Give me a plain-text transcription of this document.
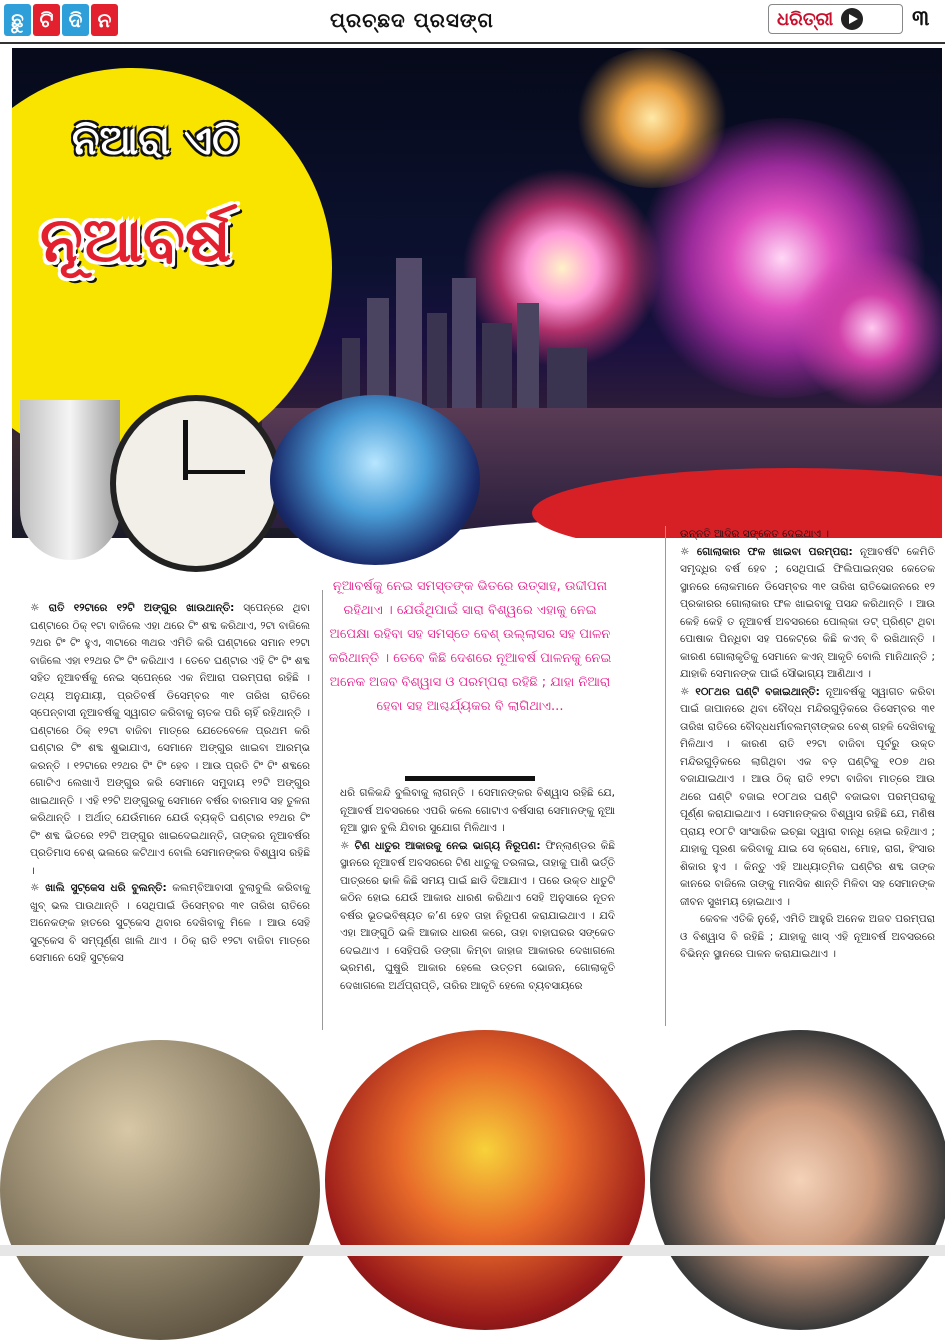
ଛୁ ଟି ଦି ନ	ପ୍ରଚ୍ଛଦ ପ୍ରସଙ୍ଗ	ଧରିତ୍ରୀ	୩
ନିଆରା ଏଠି
ନୂଆବର୍ଷ
ନୂଆବର୍ଷକୁ ନେଇ ସମସ୍ତଙ୍କ ଭିତରେ ଉତ୍ସାହ, ଉଦ୍ଦୀପନା ରହିଥାଏ । ଯେଉଁଥିପାଇଁ ସାରା ବିଶ୍ୱରେ ଏହାକୁ ନେଇ ଅପେକ୍ଷା ରହିବା ସହ ସମସ୍ତେ ବେଶ୍ ଉଲ୍ଲାସର ସହ ପାଳନ କରିଥାନ୍ତି । ତେବେ କିଛି ଦେଶରେ ନୂଆବର୍ଷ ପାଳନକୁ ନେଇ ଅନେକ ଅଜବ ବିଶ୍ୱାସ ଓ ପରମ୍ପରା ରହିଛି ; ଯାହା ନିଆରା ହେବା ସହ ଆଶ୍ଚର୍ଯ୍ୟକର ବି ଲାଗିଥାଏ...

☼ ରାତି ୧୨ଟାରେ ୧୨ଟି ଅଙ୍ଗୁର ଖାଉଥାନ୍ତି: ସ୍ପେନ୍ରେ ଥିବା ଘଣ୍ଟାରେ ଠିକ୍ ୧ଟା ବାଜିଲେ ଏହା ଥରେ ଟିଂ ଶବ୍ଦ କରିଥାଏ, ୨ଟା ବାଜିଲେ ୨ଥର ଟିଂ ଟିଂ ହୁଏ, ୩ଟାରେ ୩ଥର ଏମିତି କରି ଘଣ୍ଟାରେ ସମାନ ୧୨ଟା ବାଜିଲେ ଏହା ୧୨ଥର ଟିଂ ଟିଂ କରିଥାଏ । ତେବେ ଘଣ୍ଟାର ଏହି ଟିଂ ଟିଂ ଶବ୍ଦ ସହିତ ନୂଆବର୍ଷକୁ ନେଇ ସ୍ପେନ୍ରେ ଏକ ନିଆରା ପରମ୍ପରା ରହିଛି । ତଥ୍ୟ ଅନୁଯାୟୀ, ପ୍ରତିବର୍ଷ ଡିସେମ୍ବର ୩୧ ତାରିଖ ରାତିରେ ସ୍ପେନ୍ବାସୀ ନୂଆବର୍ଷକୁ ସ୍ୱାଗତ କରିବାକୁ ଚାତକ ପରି ଚାହିଁ ରହିଥାନ୍ତି । ଘଣ୍ଟାରେ ଠିକ୍ ୧୨ଟା ବାଜିବା ମାତ୍ରେ ଯେତେବେଳେ ପ୍ରଥମ କରି ଘଣ୍ଟାର ଟିଂ ଶବ୍ଦ ଶୁଭାଯାଏ, ସେମାନେ ଅଙ୍ଗୁର ଖାଇବା ଆରମ୍ଭ କରନ୍ତି । ୧୨ଟାରେ ୧୨ଥର ଟିଂ ଟିଂ ହେବ । ଆଉ ପ୍ରତି ଟିଂ ଟିଂ ଶବ୍ଦରେ ଗୋଟିଏ ଲେଖାଏଁ ଅଙ୍ଗୁର କରି ସେମାନେ ସମୁଦାୟ ୧୨ଟି ଅଙ୍ଗୁର ଖାଇଥାନ୍ତି । ଏହି ୧୨ଟି ଅଙ୍ଗୁରକୁ ସେମାନେ ବର୍ଷର ବାରମାସ ସହ ତୁଳନା କରିଥାନ୍ତି । ଅର୍ଥାତ୍ ଯେଉଁମାନେ ଯେଉଁ ବ୍ୟକ୍ତି ଘଣ୍ଟାର ୧୨ଥର ଟିଂ ଟିଂ ଶବ୍ଦ ଭିତରେ ୧୨ଟି ଅଙ୍ଗୁର ଖାଇଦେଇଥାନ୍ତି, ତାଙ୍କର ନୂଆବର୍ଷର ପ୍ରତିମାସ ବେଶ୍ ଭଲରେ କଟିଥାଏ ବୋଲି ସେମାନଙ୍କର ବିଶ୍ୱାସ ରହିଛି ।

☼ ଖାଲି ସୁଟ୍କେସ ଧରି ବୁଲନ୍ତି: କଲମ୍ବିଆବାସୀ ବୁଲାବୁଲି କରିବାକୁ ଖୁବ୍ ଭଲ ପାଉଥାନ୍ତି । ସେଥିପାଇଁ ଡିସେମ୍ବର ୩୧ ତାରିଖ ରାତିରେ ଅନେକଙ୍କ ହାତରେ ସୁଟ୍କେସ ଥିବାର ଦେଖିବାକୁ ମିଳେ । ଆଉ ସେହି ସୁଟ୍କେସ ବି ସମ୍ପୂର୍ଣ୍ଣ ଖାଲି ଥାଏ । ଠିକ୍ ରାତି ୧୨ଟା ବାଜିବା ମାତ୍ରେ ସେମାନେ ସେହି ସୁଟ୍କେସ

ଧରି ଗଳିକନ୍ଦି ବୁଲିବାକୁ ଲାଗନ୍ତି । ସେମାନଙ୍କର ବିଶ୍ୱାସ ରହିଛି ଯେ, ନୂଆବର୍ଷ ଅବସରରେ ଏପରି କଲେ ଗୋଟାଏ ବର୍ଷସାରା ସେମାନଙ୍କୁ ନୂଆ ନୂଆ ସ୍ଥାନ ବୁଲି ଯିବାର ସୁଯୋଗ ମିଳିଥାଏ ।

☼ ଟିଣ ଧାତୁର ଆକାରକୁ ନେଇ ଭାଗ୍ୟ ନିରୂପଣ: ଫିନ୍ଲାଣ୍ଡର କିଛି ସ୍ଥାନରେ ନୂଆବର୍ଷ ଅବସରରେ ଟିଣ ଧାତୁକୁ ତରଳାଇ, ତାହାକୁ ପାଣି ଭର୍ତ୍ତି ପାତ୍ରରେ ଢାଳି କିଛି ସମୟ ପାଇଁ ଛାଡି ଦିଆଯାଏ । ପରେ ଉକ୍ତ ଧାତୁଟି କଠିନ ହୋଇ ଯେଉଁ ଆକାର ଧାରଣ କରିଥାଏ ସେହି ଅନୁସାରେ ନୂତନ ବର୍ଷର ଭୂତଭବିଷ୍ୟତ କ’ଣ ହେବ ତାହା ନିରୂପଣ କରାଯାଇଥାଏ । ଯଦି ଏହା ଆଙ୍ଗୁଠି ଭଳି ଆକାର ଧାରଣ କରେ, ତାହା ବାହାଘରର ସଙ୍କେତ ଦେଇଥାଏ । ସେହିପରି ଡଙ୍ଗା କିମ୍ବା ଜାହାଜ ଆକାରର ଦେଖାଗଲେ ଭ୍ରମଣ, ଘୁଷୁରି ଆକାର ହେଲେ ଉତ୍ତମ ଭୋଜନ, ଗୋଲାକୃତି ଦେଖାଗଲେ ଅର୍ଥପ୍ରାପ୍ତି, ତାରିର ଆକୃତି ହେଲେ ବ୍ୟବସାୟରେ

ଉନ୍ନତି ଆଦିର ସଙ୍କେତ ଦେଇଥାଏ ।

☼ ଗୋଲାକାର ଫଳ ଖାଇବା ପରମ୍ପରା: ନୂଆବର୍ଷଟି କେମିତି ସମୃଦ୍ଧିର ବର୍ଷ ହେବ ; ସେଥିପାଇଁ ଫିଲିପାଇନ୍ସର କେତେକ ସ୍ଥାନରେ ଲୋକମାନେ ଡିସେମ୍ବର ୩୧ ତାରିଖ ରାତିଭୋଜନରେ ୧୨ ପ୍ରକାରର ଗୋଲାକାର ଫଳ ଖାଇବାକୁ ପସନ୍ଦ କରିଥାନ୍ତି । ଆଉ କେହି କେହି ତ ନୂଆବର୍ଷ ଅବସରରେ ପୋଲ୍କା ଡଟ୍ ପ୍ରିଣ୍ଟ ଥିବା ପୋଷାକ ପିନ୍ଧିବା ସହ ପକେଟ୍ରେ କିଛି କଏନ୍ ବି ରଖିଥାନ୍ତି । କାରଣ ଗୋଲାକୃତିକୁ ସେମାନେ କଏନ୍ ଆକୃତି ବୋଲି ମାନିଥାନ୍ତି ; ଯାହାକି ସେମାନଙ୍କ ପାଇଁ ସୌଭାଗ୍ୟ ଆଣିଥାଏ ।

☼ ୧୦୮ଥର ଘଣ୍ଟି ବଜାଇଥାନ୍ତି: ନୂଆବର୍ଷକୁ ସ୍ୱାଗତ କରିବା ପାଇଁ ଜାପାନରେ ଥିବା ବୌଦ୍ଧ ମନ୍ଦିରଗୁଡ଼ିକରେ ଡିସେମ୍ବର ୩୧ ତାରିଖ ରାତିରେ ବୌଦ୍ଧଧର୍ମାବଲମ୍ବୀଙ୍କର ବେଶ୍ ଗହଳି ଦେଖିବାକୁ ମିଳିଥାଏ । କାରଣ ରାତି ୧୨ଟା ବାଜିବା ପୂର୍ବରୁ ଉକ୍ତ ମନ୍ଦିରଗୁଡ଼ିକରେ ଲାଗିଥିବା ଏକ ବଡ଼ ଘଣ୍ଟିକୁ ୧୦୭ ଥର ବଜାଯାଇଥାଏ । ଆଉ ଠିକ୍ ରାତି ୧୨ଟା ବାଜିବା ମାତ୍ରେ ଆଉ ଥରେ ଘଣ୍ଟି ବଜାଇ ୧୦୮ଥର ଘଣ୍ଟି ବଜାଇବା ପରମ୍ପରାକୁ ପୂର୍ଣ୍ଣ କରାଯାଇଥାଏ । ସେମାନଙ୍କର ବିଶ୍ୱାସ ରହିଛି ଯେ, ମଣିଷ ପ୍ରାୟ ୧୦୮ଟି ସାଂସାରିକ ଇଚ୍ଛା ଦ୍ୱାରା ବାନ୍ଧି ହୋଇ ରହିଥାଏ ; ଯାହାକୁ ପୂରଣ କରିବାକୁ ଯାଇ ସେ କ୍ରୋଧ, ମୋହ, ରାଗ, ହିଂସାର ଶିକାର ହୁଏ । କିନ୍ତୁ ଏହି ଆଧ୍ୟାତ୍ମିକ ଘଣ୍ଟିର ଶବ୍ଦ ତାଙ୍କ କାନରେ ବାଜିଲେ ତାଙ୍କୁ ମାନସିକ ଶାନ୍ତି ମିଳିବା ସହ ସେମାନଙ୍କ ଜୀବନ ସୁଖମୟ ହୋଇଥାଏ ।

କେବଳ ଏତିକି ନୁହେଁ, ଏମିତି ଆହୁରି ଅନେକ ଅଜବ ପରମ୍ପରା ଓ ବିଶ୍ୱାସ ବି ରହିଛି ; ଯାହାକୁ ଖାସ୍ ଏହି ନୂଆବର୍ଷ ଅବସରରେ ବିଭିନ୍ନ ସ୍ଥାନରେ ପାଳନ କରାଯାଇଥାଏ ।
